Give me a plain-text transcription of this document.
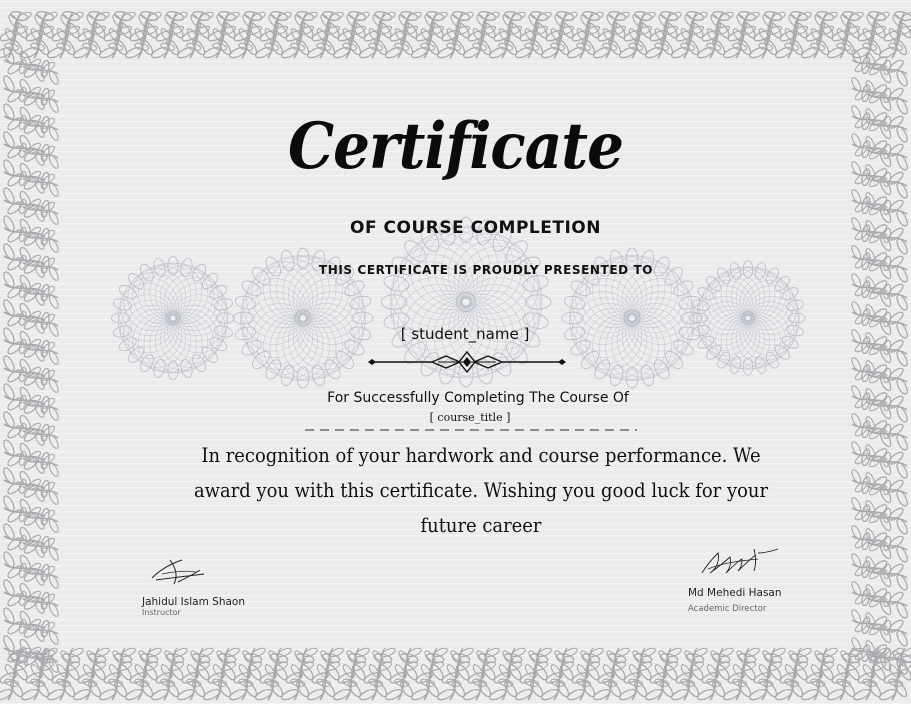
Certificate
OF COURSE COMPLETION
THIS CERTIFICATE IS PROUDLY PRESENTED TO
[ student_name ]
For Successfully Completing The Course Of
[ course_title ]
In recognition of your hardwork and course performance. We award you with this certificate. Wishing you good luck for your future career
Jahidul Islam Shaon
Instructor
Md Mehedi Hasan
Academic Director
